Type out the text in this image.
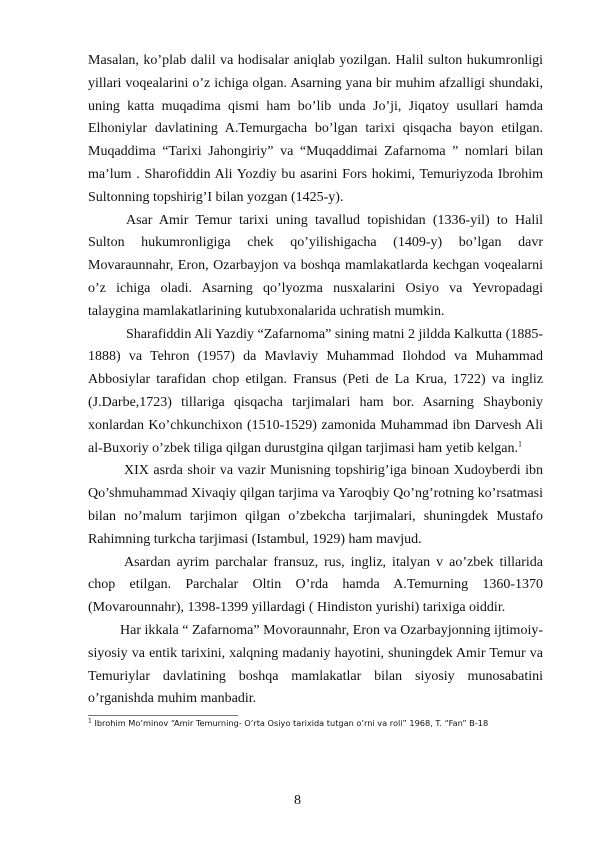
Masalan, ko’plab dalil va hodisalar aniqlab yozilgan. Halil sulton hukumronligi yillari voqealarini o’z ichiga olgan. Asarning yana bir muhim afzalligi shundaki, uning katta muqadima qismi ham bo’lib unda Jo’ji, Jiqatoy usullari hamda Elhoniylar davlatining A.Temurgacha bo’lgan tarixi qisqacha bayon etilgan. Muqaddima “Tarixi Jahongiriy” va “Muqaddimai Zafarnoma ” nomlari bilan ma’lum . Sharofiddin Ali Yozdiy bu asarini Fors hokimi, Temuriyzoda Ibrohim Sultonning topshirig’I bilan yozgan (1425-y).

Asar Amir Temur tarixi uning tavallud topishidan (1336-yil) to Halil Sulton hukumronligiga chek qo’yilishigacha (1409-y) bo’lgan davr Movaraunnahr, Eron, Ozarbayjon va boshqa mamlakatlarda kechgan voqealarni o’z ichiga oladi. Asarning qo’lyozma nusxalarini Osiyo va Yevropadagi talaygina mamlakatlarining kutubxonalarida uchratish mumkin.

Sharafiddin Ali Yazdiy “Zafarnoma” sining matni 2 jildda Kalkutta (1885-1888) va Tehron (1957) da Mavlaviy Muhammad Ilohdod va Muhammad Abbosiylar tarafidan chop etilgan. Fransus (Peti de La Krua, 1722) va ingliz (J.Darbe,1723) tillariga qisqacha tarjimalari ham bor. Asarning Shayboniy xonlardan Ko’chkunchixon (1510-1529) zamonida Muhammad ibn Darvesh Ali al-Buxoriy o’zbek tiliga qilgan durustgina qilgan tarjimasi ham yetib kelgan.$^1$

XIX asrda shoir va vazir Munisning topshirig’iga binoan Xudoyberdi ibn Qo’shmuhammad Xivaqiy qilgan tarjima va Yaroqbiy Qo’ng’rotning ko’rsatmasi bilan no’malum tarjimon qilgan o’zbekcha tarjimalari, shuningdek Mustafo Rahimning turkcha tarjimasi (Istambul, 1929) ham mavjud.

Asardan ayrim parchalar fransuz, rus, ingliz, italyan v ao’zbek tillarida chop etilgan. Parchalar Oltin O’rda hamda A.Temurning 1360-1370 (Movarounnahr), 1398-1399 yillardagi ( Hindiston yurishi) tarixiga oiddir.

Har ikkala “ Zafarnoma” Movoraunnahr, Eron va Ozarbayjonning ijtimoiy-siyosiy va entik tarixini, xalqning madaniy hayotini, shuningdek Amir Temur va Temuriylar davlatining boshqa mamlakatlar bilan siyosiy munosabatini o’rganishda muhim manbadir.

$^1$ Ibrohim Mo’minov “Amir Temurning- O’rta Osiyo tarixida tutgan o’rni va roli” 1968, T. “Fan” B-18

8
